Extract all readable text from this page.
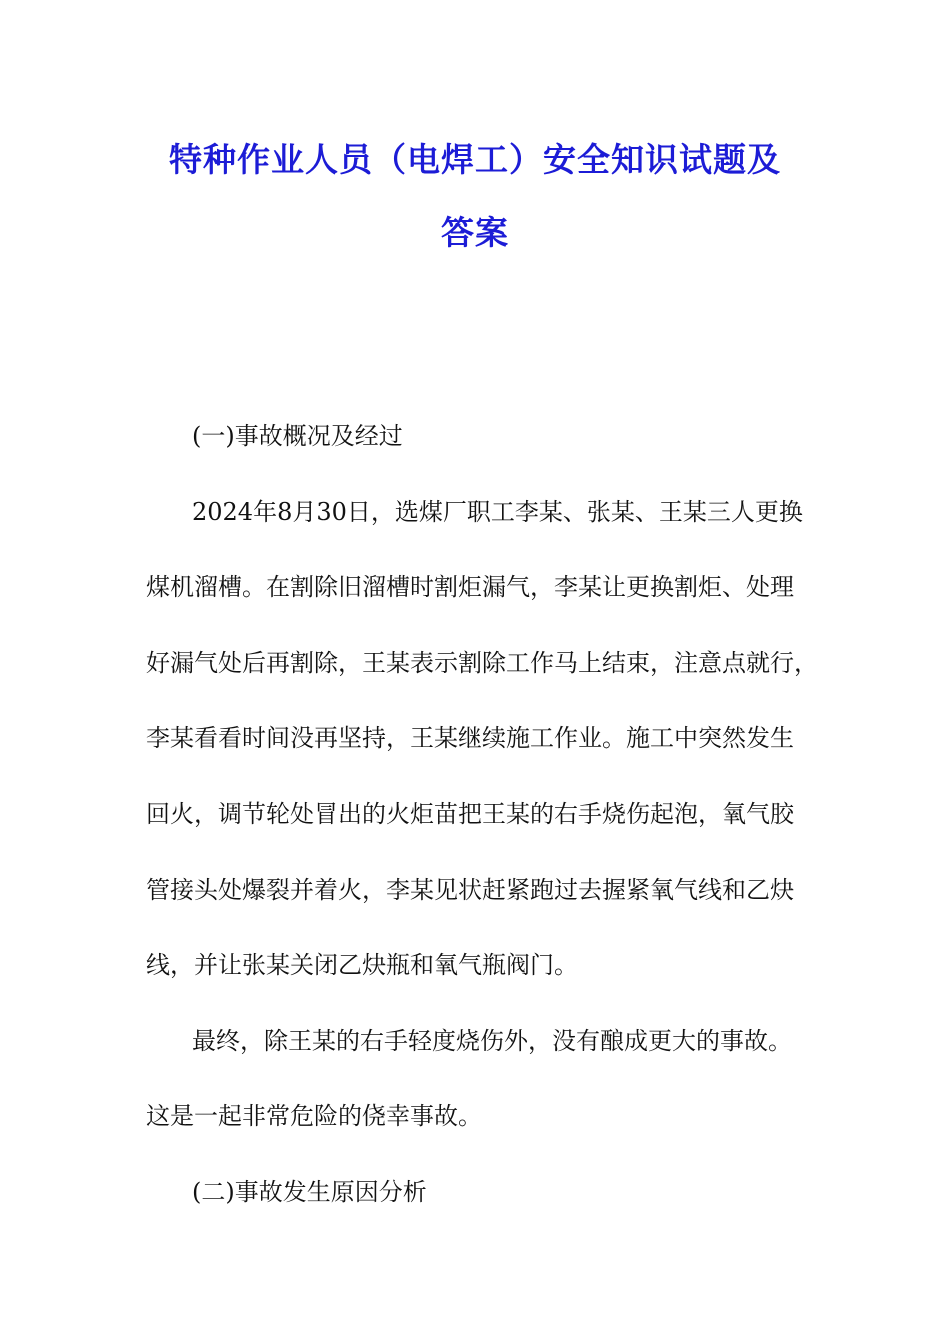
特种作业人员（电焊工）安全知识试题及
答案
(一)事故概况及经过
2024年8月30日，选煤厂职工李某、张某、王某三人更换
煤机溜槽。在割除旧溜槽时割炬漏气，李某让更换割炬、处理
好漏气处后再割除，王某表示割除工作马上结束，注意点就行，
李某看看时间没再坚持，王某继续施工作业。施工中突然发生
回火，调节轮处冒出的火炬苗把王某的右手烧伤起泡，氧气胶
管接头处爆裂并着火，李某见状赶紧跑过去握紧氧气线和乙炔
线，并让张某关闭乙炔瓶和氧气瓶阀门。
最终，除王某的右手轻度烧伤外，没有酿成更大的事故。
这是一起非常危险的侥幸事故。
(二)事故发生原因分析
